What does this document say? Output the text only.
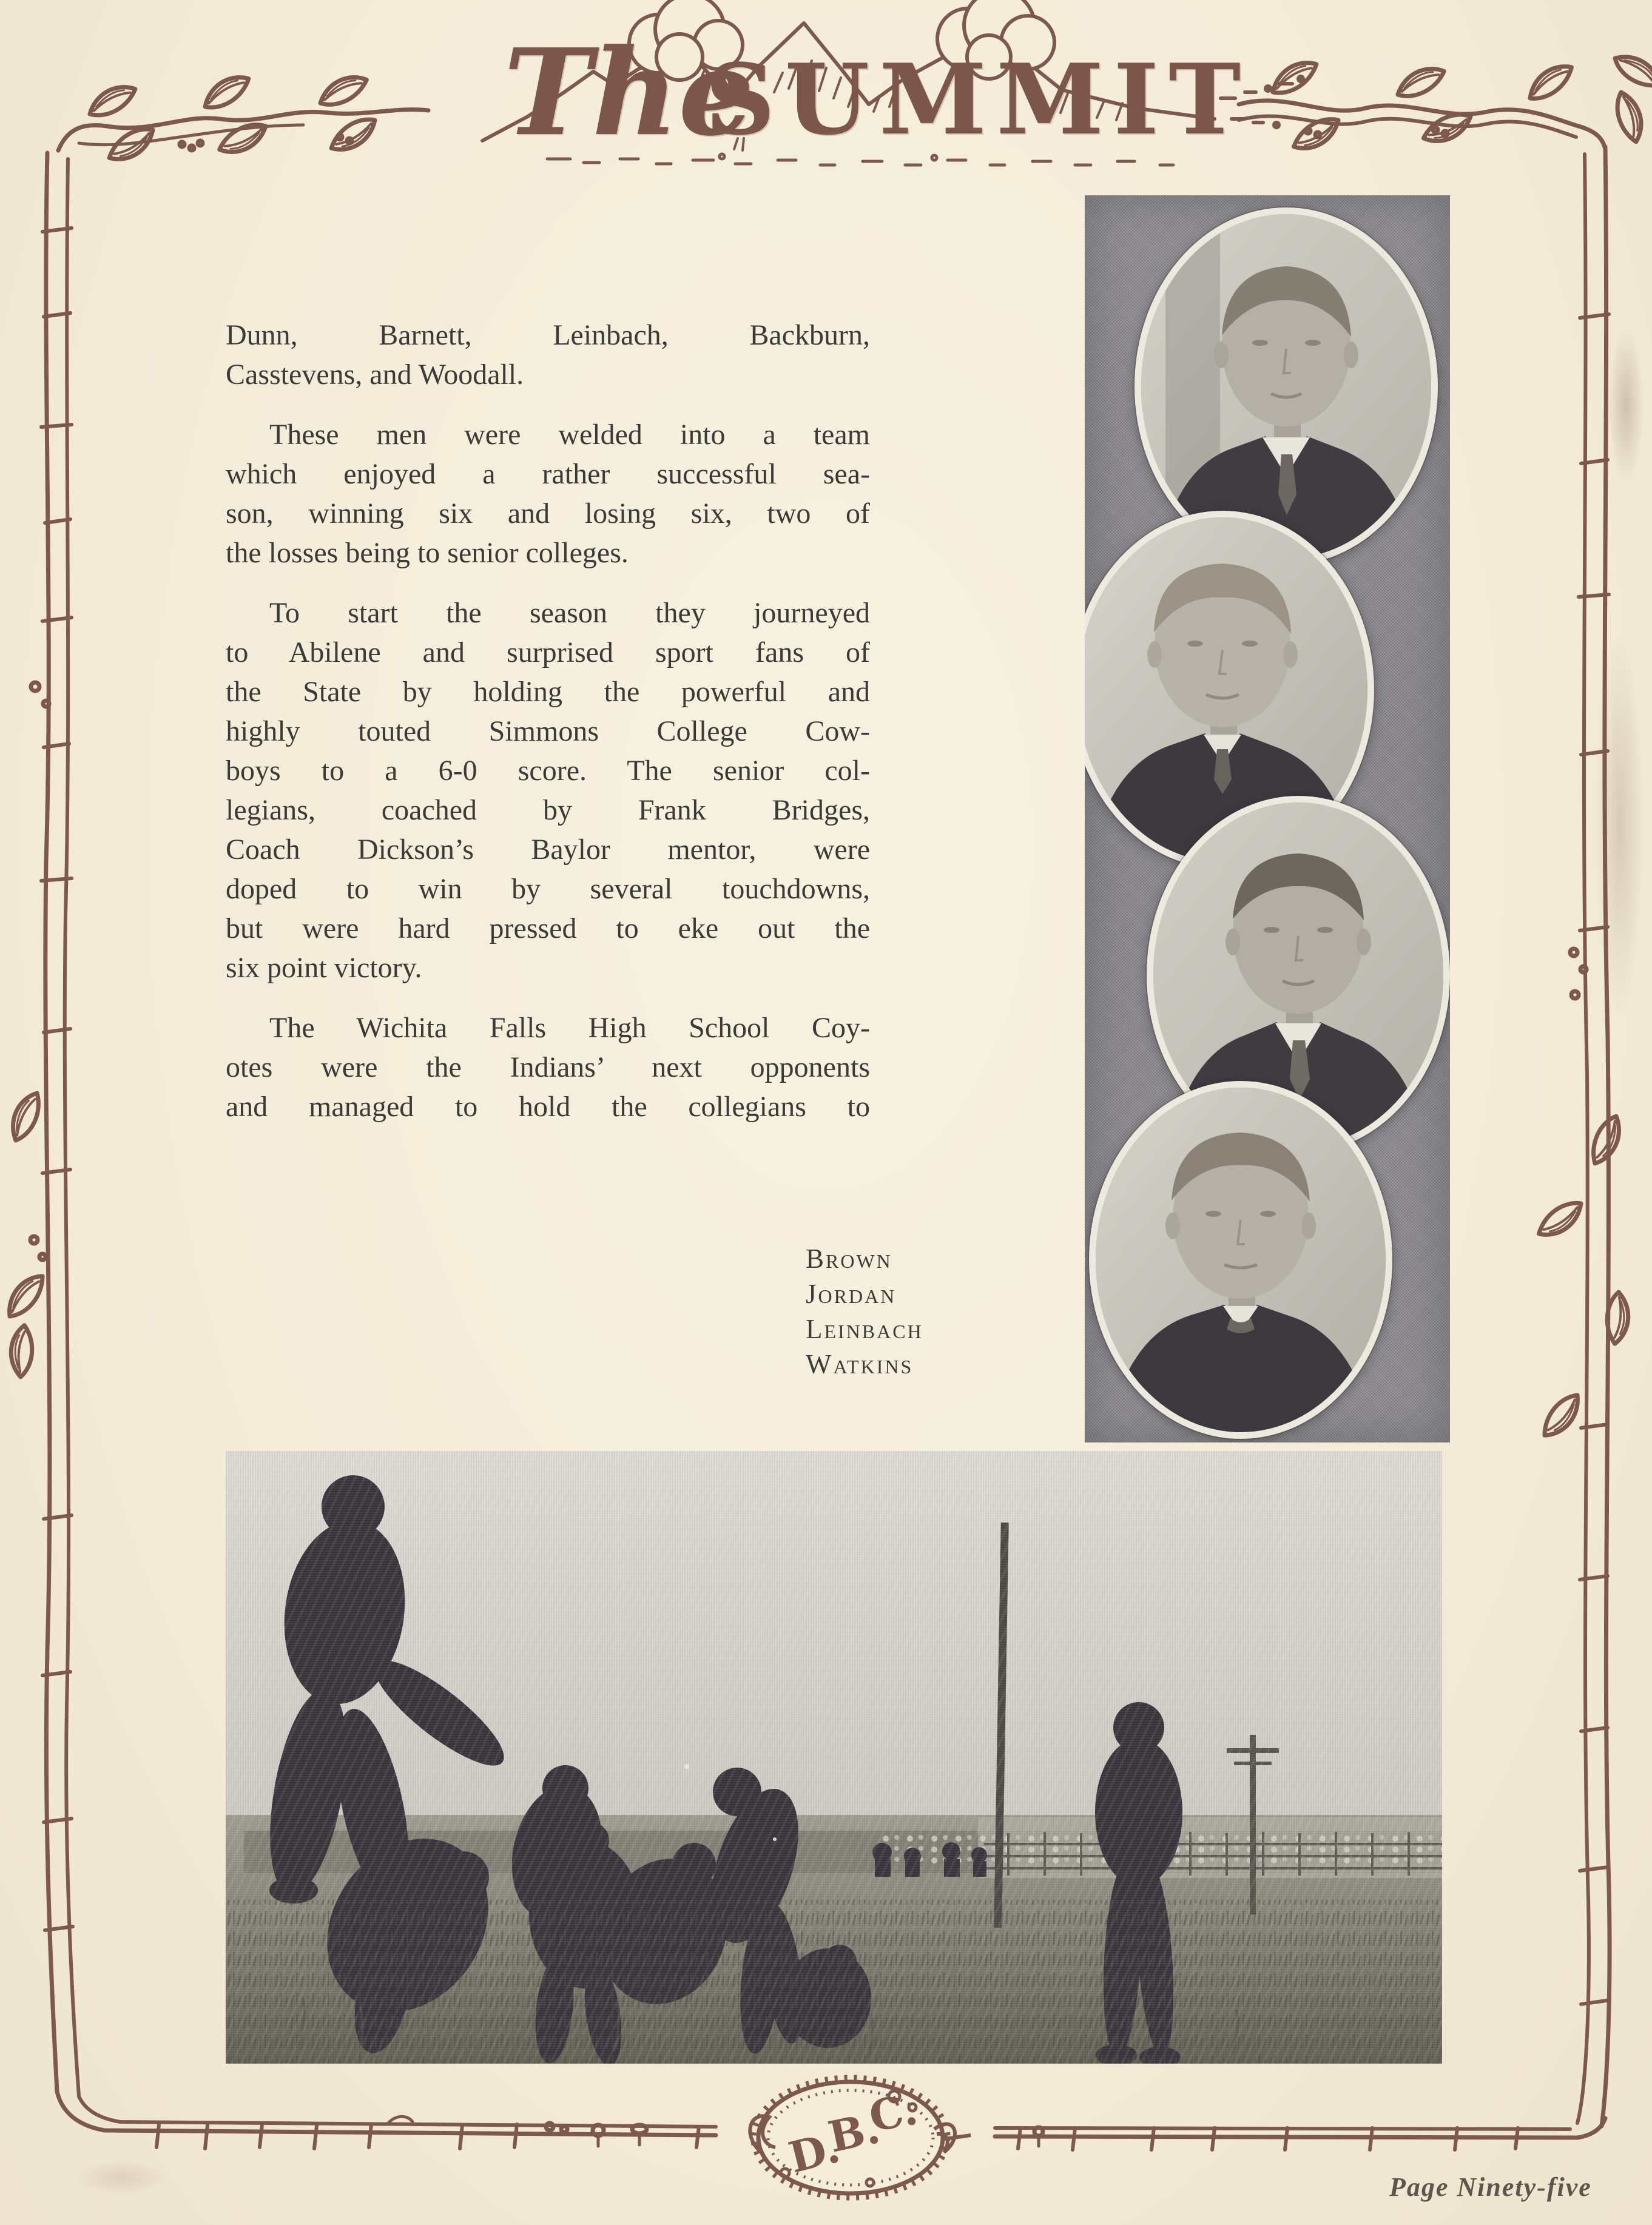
The
SUMMIT

Dunn, Barnett, Leinbach, Backburn,
Casstevens, and Woodall.

These men were welded into a team
which enjoyed a rather successful sea-
son, winning six and losing six, two of
the losses being to senior colleges.

To start the season they journeyed
to Abilene and surprised sport fans of
the State by holding the powerful and
highly touted Simmons College Cow-
boys to a 6-0 score. The senior col-
legians, coached by Frank Bridges,
Coach Dickson’s Baylor mentor, were
doped to win by several touchdowns,
but were hard pressed to eke out the
six point victory.

The Wichita Falls High School Coy-
otes were the Indians’ next opponents
and managed to hold the collegians to

Brown
Jordan
Leinbach
Watkins
D.
B.
C.
Page Ninety-five
